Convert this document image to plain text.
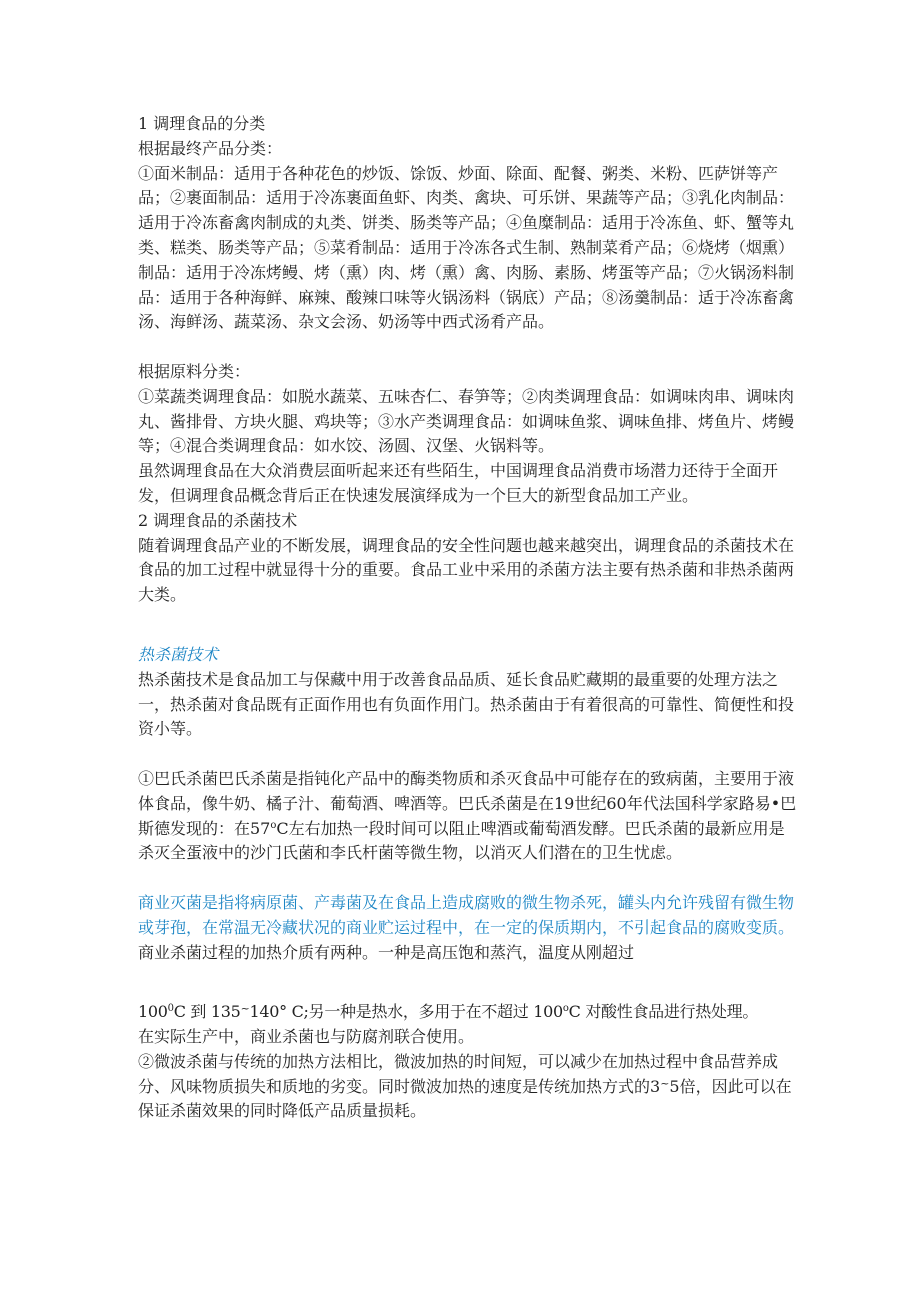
1 调理食品的分类

根据最终产品分类：

①面米制品：适用于各种花色的炒饭、馀饭、炒面、除面、配餐、粥类、米粉、匹萨饼等产品；②裹面制品：适用于冷冻裹面鱼虾、肉类、禽块、可乐饼、果蔬等产品；③乳化肉制品：适用于冷冻畜禽肉制成的丸类、饼类、肠类等产品；④鱼糜制品：适用于冷冻鱼、虾、蟹等丸类、糕类、肠类等产品；⑤菜肴制品：适用于冷冻各式生制、熟制菜肴产品；⑥烧烤（烟熏）制品：适用于冷冻烤鳗、烤（熏）肉、烤（熏）禽、肉肠、素肠、烤蛋等产品；⑦火锅汤料制品：适用于各种海鲜、麻辣、酸辣口味等火锅汤料（锅底）产品；⑧汤羹制品：适于冷冻畜禽汤、海鲜汤、蔬菜汤、杂文会汤、奶汤等中西式汤肴产品。

根据原料分类：

①菜蔬类调理食品：如脱水蔬菜、五味杏仁、春笋等；②肉类调理食品：如调味肉串、调味肉丸、酱排骨、方块火腿、鸡块等；③水产类调理食品：如调味鱼浆、调味鱼排、烤鱼片、烤鳗等；④混合类调理食品：如水饺、汤圆、汉堡、火锅料等。

虽然调理食品在大众消费层面听起来还有些陌生，中国调理食品消费市场潜力还待于全面开发，但调理食品概念背后正在快速发展演绎成为一个巨大的新型食品加工产业。

2 调理食品的杀菌技术

随着调理食品产业的不断发展，调理食品的安全性问题也越来越突出，调理食品的杀菌技术在食品的加工过程中就显得十分的重要。食品工业中采用的杀菌方法主要有热杀菌和非热杀菌两大类。

热杀菌技术

热杀菌技术是食品加工与保藏中用于改善食品品质、延长食品贮藏期的最重要的处理方法之一，热杀菌对食品既有正面作用也有负面作用门。热杀菌由于有着很高的可靠性、简便性和投资小等。

①巴氏杀菌巴氏杀菌是指钝化产品中的酶类物质和杀灭食品中可能存在的致病菌，主要用于液体食品，像牛奶、橘子汁、葡萄酒、啤酒等。巴氏杀菌是在19世纪60年代法国科学家路易•巴斯德发现的：在57$^o$C左右加热一段时间可以阻止啤酒或葡萄酒发酵。巴氏杀菌的最新应用是杀灭全蛋液中的沙门氏菌和李氏杆菌等微生物，以消灭人们潜在的卫生忧虑。

商业灭菌是指将病原菌、产毒菌及在食品上造成腐败的微生物杀死，罐头内允许残留有微生物或芽孢，在常温无冷藏状况的商业贮运过程中，在一定的保质期内，不引起食品的腐败变质。商业杀菌过程的加热介质有两种。一种是高压饱和蒸汽，温度从刚超过

$100^0C$ 到 135~140° C;另一种是热水，多用于在不超过 100$^o$C 对酸性食品进行热处理。

在实际生产中，商业杀菌也与防腐剂联合使用。

②微波杀菌与传统的加热方法相比，微波加热的时间短，可以减少在加热过程中食品营养成分、风味物质损失和质地的劣变。同时微波加热的速度是传统加热方式的3~5倍，因此可以在保证杀菌效果的同时降低产品质量损耗。
